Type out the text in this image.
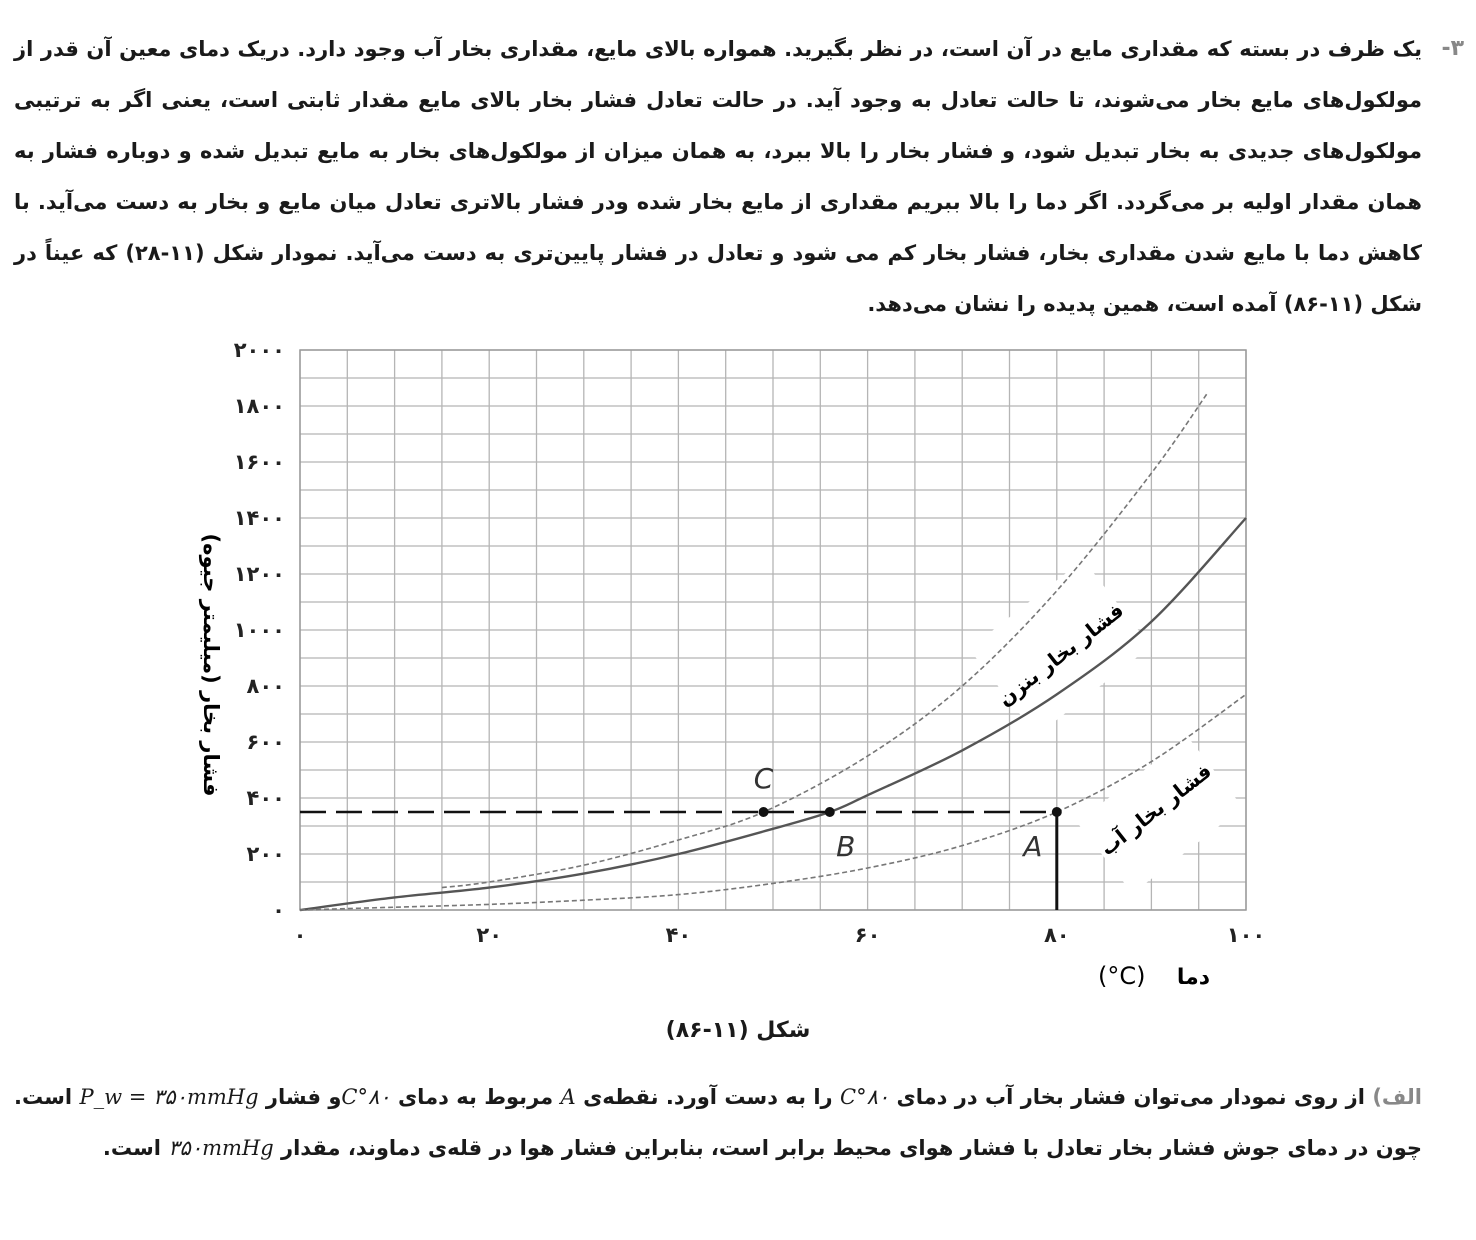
-۳
یک ظرف در بسته که مقداری مایع در آن است، در نظر بگیرید. همواره بالای مایع، مقداری بخار آب وجود دارد. دریک دمای معین آن قدر از مولکول‌های مایع بخار می‌شوند، تا حالت تعادل به وجود آید. در حالت تعادل فشار بخار بالای مایع مقدار ثابتی است، یعنی اگر به ترتیبی مولکول‌های جدیدی به بخار تبدیل شود، و فشار بخار را بالا ببرد، به همان میزان از مولکول‌های بخار به مایع تبدیل شده و دوباره فشار به همان مقدار اولیه بر می‌گردد. اگر دما را بالا ببریم مقداری از مایع بخار شده ودر فشار بالاتری تعادل میان مایع و بخار به دست می‌آید. با کاهش دما با مایع شدن مقداری بخار، فشار بخار کم می شود و تعادل در فشار پایین‌تری به دست می‌آید. نمودار شکل (۱۱-۲۸) که عیناً در شکل (۱۱-۸۶) آمده است، همین پدیده را نشان می‌دهد.
۰	۲۰	۴۰	۶۰	۸۰	۱۰۰
۰
۲۰۰
۴۰۰
۶۰۰
۸۰۰
۱۰۰۰
۱۲۰۰
۱۴۰۰
۱۶۰۰
۱۸۰۰
۲۰۰۰
فشار بخار (میلیمتر جیوه)
دما
(°C)
فشار بخار بنزن
فشار بخار آب
C
B	A
شکل (۱۱-۸۶)
الف) از روی نمودار می‌توان فشار بخار آب در دمای ۸۰°C را به دست آورد. نقطه‌ی A مربوط به دمای ۸۰°Cو فشار P_w = ۳۵۰mmHg است. چون در دمای جوش فشار بخار تعادل با فشار هوای محیط برابر است، بنابراین فشار هوا در قله‌ی دماوند، مقدار ۳۵۰mmHg است.
